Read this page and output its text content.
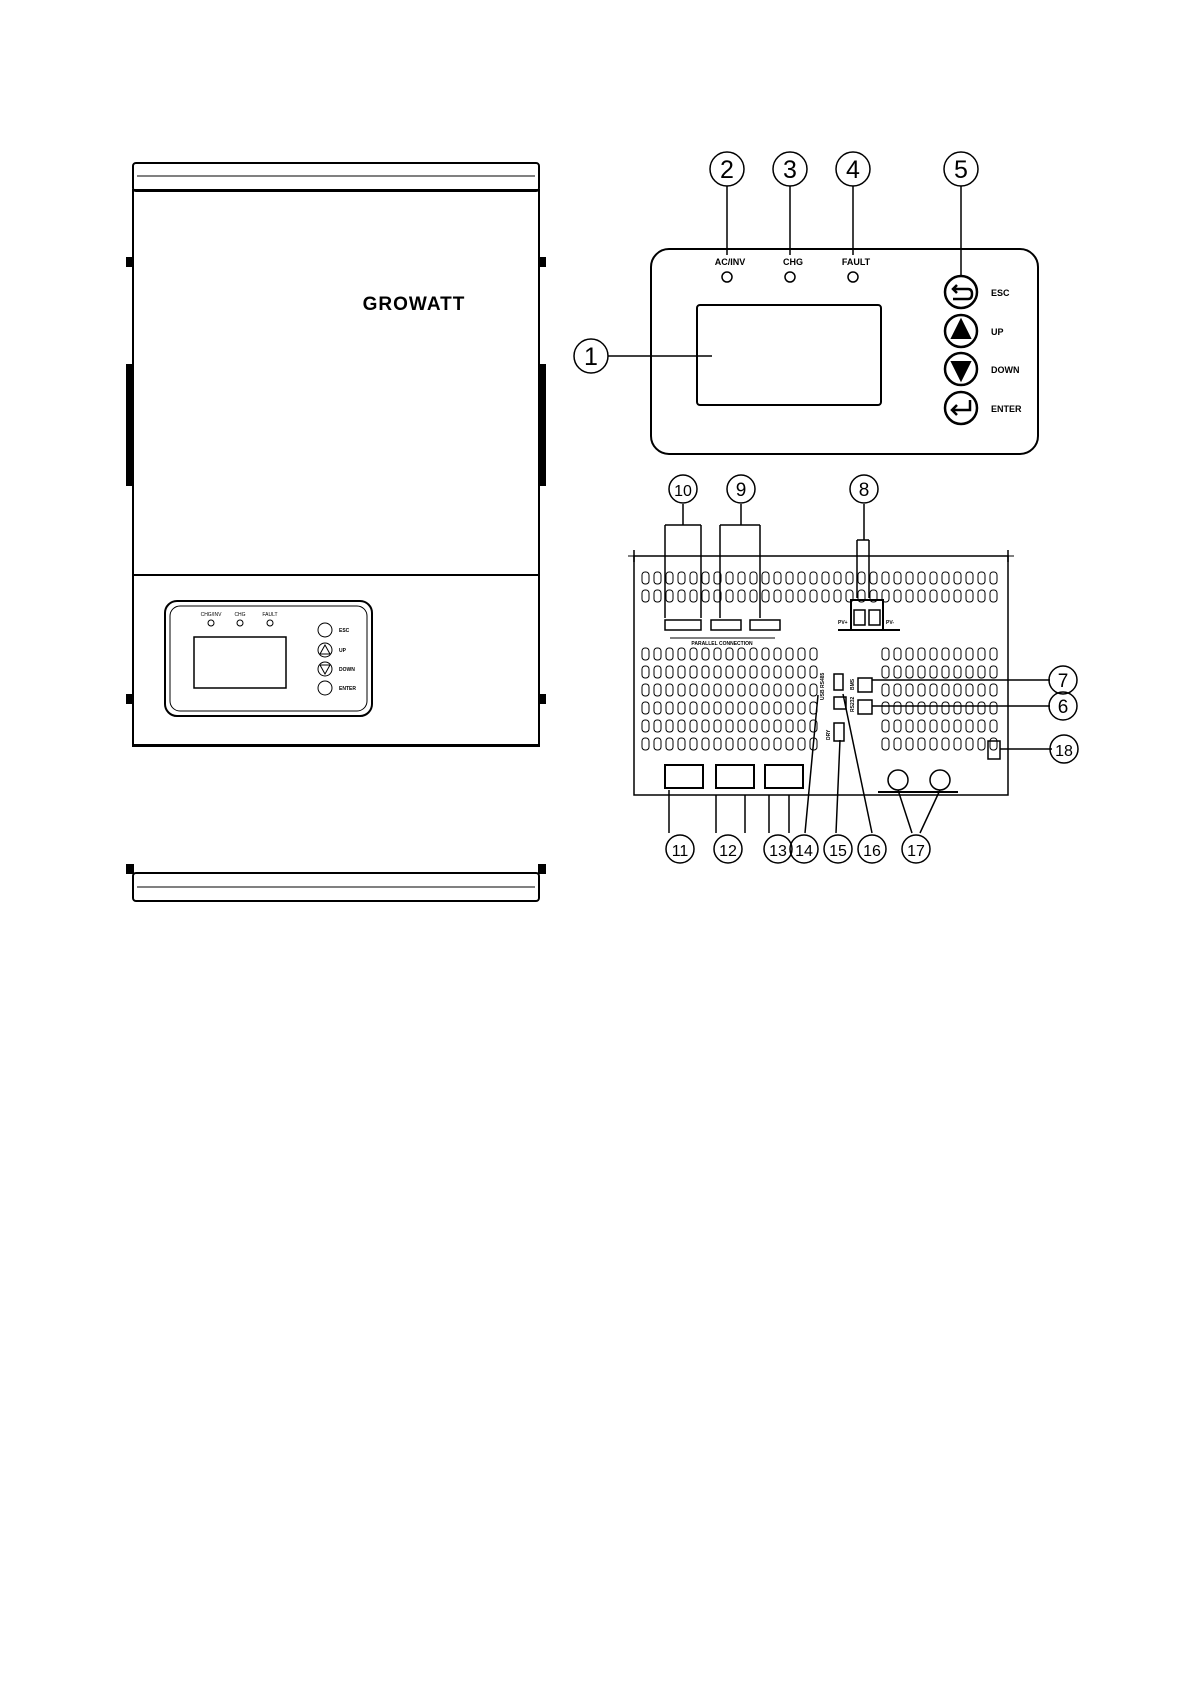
GROWATT
CHG/INV	CHG	FAULT
ESC
UP
DOWN
ENTER
AC/INV	CHG	FAULT
ESC
UP
DOWN
ENTER
1
2 3 4	5
PARALLEL CONNECTION
PV+	PV-
USB
RS485	BMS
RS232
DRY
6
7
8
9
10
11 12 13 14 15 16 17
18
